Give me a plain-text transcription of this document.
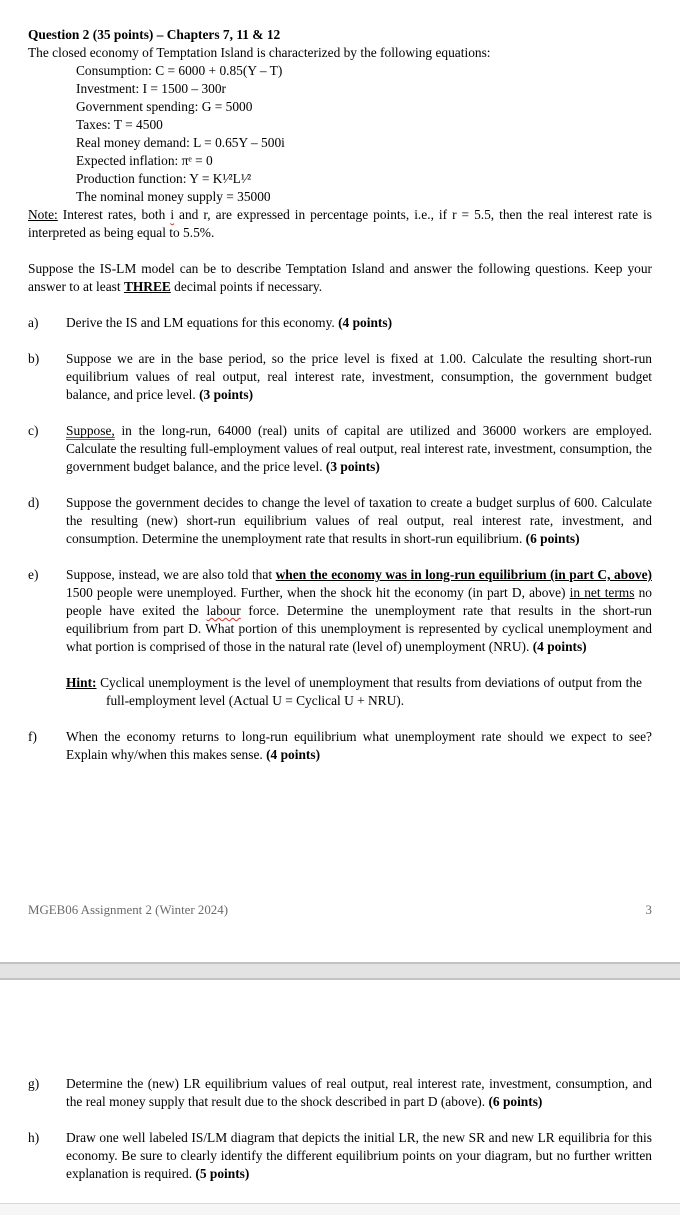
Question 2 (35 points) – Chapters 7, 11 & 12

The closed economy of Temptation Island is characterized by the following equations:

Consumption: C = 6000 + 0.85(Y – T)
Investment: I = 1500 – 300r
Government spending: G = 5000
Taxes: T = 4500
Real money demand: L = 0.65Y – 500i
Expected inflation: πᵉ = 0
Production function: Y = K¹⁄²L¹⁄²
The nominal money supply = 35000

Note: Interest rates, both i and r, are expressed in percentage points, i.e., if r = 5.5, then the real interest rate is interpreted as being equal to 5.5%.

Suppose the IS-LM model can be to describe Temptation Island and answer the following questions. Keep your answer to at least THREE decimal points if necessary.

a)	Derive the IS and LM equations for this economy. (4 points)
b)	Suppose we are in the base period, so the price level is fixed at 1.00. Calculate the resulting short-run equilibrium values of real output, real interest rate, investment, consumption, the government budget balance, and price level. (3 points)
c)	Suppose, in the long-run, 64000 (real) units of capital are utilized and 36000 workers are employed. Calculate the resulting full-employment values of real output, real interest rate, investment, consumption, the government budget balance, and the price level. (3 points)
d)	Suppose the government decides to change the level of taxation to create a budget surplus of 600. Calculate the resulting (new) short-run equilibrium values of real output, real interest rate, investment, and consumption. Determine the unemployment rate that results in short-run equilibrium. (6 points)
e)	Suppose, instead, we are also told that when the economy was in long-run equilibrium (in part C, above) 1500 people were unemployed. Further, when the shock hit the economy (in part D, above) in net terms no people have exited the labour force. Determine the unemployment rate that results in the short-run equilibrium from part D. What portion of this unemployment is represented by cyclical unemployment and what portion is comprised of those in the natural rate (level of) unemployment (NRU). (4 points)

Hint: Cyclical unemployment is the level of unemployment that results from deviations of output from the full-employment level (Actual U = Cyclical U + NRU).

f)	When the economy returns to long-run equilibrium what unemployment rate should we expect to see? Explain why/when this makes sense. (4 points)
MGEB06 Assignment 2 (Winter 2024)	3
g)	Determine the (new) LR equilibrium values of real output, real interest rate, investment, consumption, and the real money supply that result due to the shock described in part D (above). (6 points)
h)	Draw one well labeled IS/LM diagram that depicts the initial LR, the new SR and new LR equilibria for this economy. Be sure to clearly identify the different equilibrium points on your diagram, but no further written explanation is required. (5 points)
